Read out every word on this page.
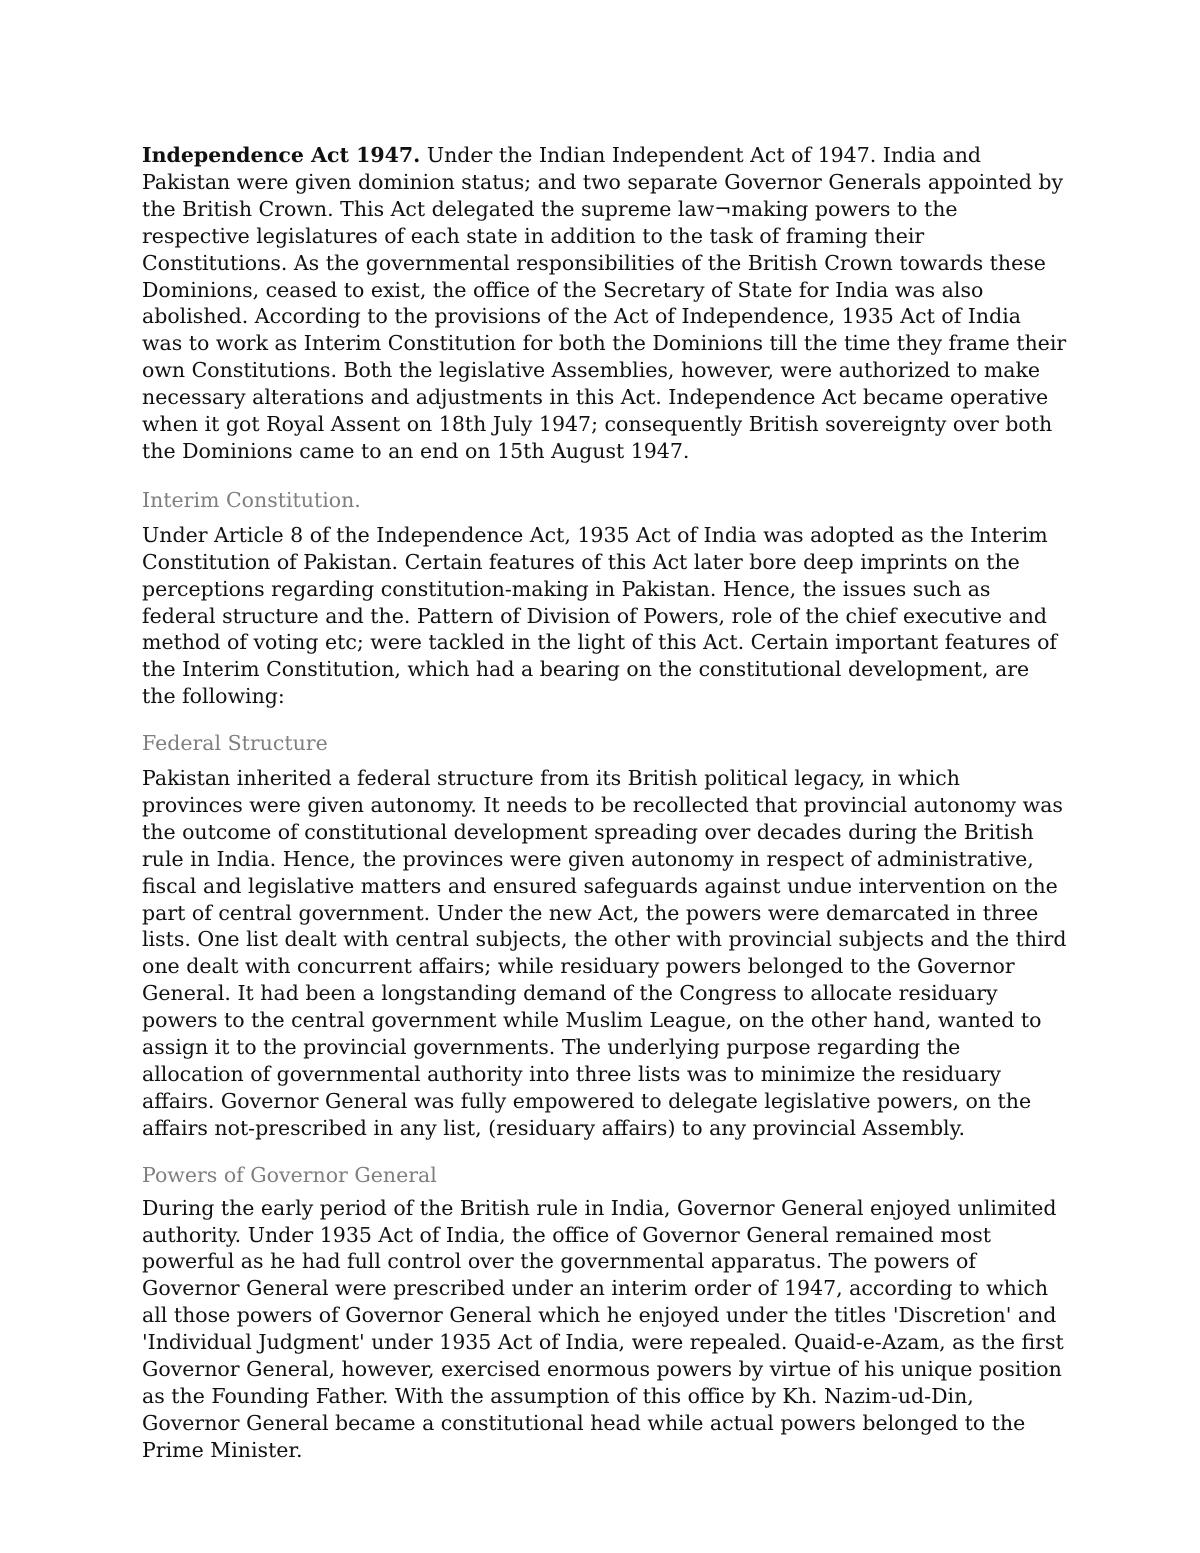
Independence Act 1947. Under the Indian Independent Act of 1947. India and Pakistan were given dominion status; and two separate Governor Generals appointed by the British Crown. This Act delegated the supreme law¬making powers to the respective legislatures of each state in addition to the task of framing their Constitutions. As the governmental responsibilities of the British Crown towards these Dominions, ceased to exist, the office of the Secretary of State for India was also abolished. According to the provisions of the Act of Independence, 1935 Act of India was to work as Interim Constitution for both the Dominions till the time they frame their own Constitutions. Both the legislative Assemblies, however, were authorized to make necessary alterations and adjustments in this Act. Independence Act became operative when it got Royal Assent on 18th July 1947; consequently British sovereignty over both the Dominions came to an end on 15th August 1947.

Interim Constitution.

Under Article 8 of the Independence Act, 1935 Act of India was adopted as the Interim Constitution of Pakistan. Certain features of this Act later bore deep imprints on the perceptions regarding constitution-making in Pakistan. Hence, the issues such as federal structure and the. Pattern of Division of Powers, role of the chief executive and method of voting etc; were tackled in the light of this Act. Certain important features of the Interim Constitution, which had a bearing on the constitutional development, are the following:

Federal Structure

Pakistan inherited a federal structure from its British political legacy, in which provinces were given autonomy. It needs to be recollected that provincial autonomy was the outcome of constitutional development spreading over decades during the British rule in India. Hence, the provinces were given autonomy in respect of administrative, fiscal and legislative matters and ensured safeguards against undue intervention on the part of central government. Under the new Act, the powers were demarcated in three lists. One list dealt with central subjects, the other with provincial subjects and the third one dealt with concurrent affairs; while residuary powers belonged to the Governor General. It had been a longstanding demand of the Congress to allocate residuary powers to the central government while Muslim League, on the other hand, wanted to assign it to the provincial governments. The underlying purpose regarding the allocation of governmental authority into three lists was to minimize the residuary affairs. Governor General was fully empowered to delegate legislative powers, on the affairs not-prescribed in any list, (residuary affairs) to any provincial Assembly.

Powers of Governor General

During the early period of the British rule in India, Governor General enjoyed unlimited authority. Under 1935 Act of India, the office of Governor General remained most powerful as he had full control over the governmental apparatus. The powers of Governor General were prescribed under an interim order of 1947, according to which all those powers of Governor General which he enjoyed under the titles 'Discretion' and 'Individual Judgment' under 1935 Act of India, were repealed. Quaid-e-Azam, as the first Governor General, however, exercised enormous powers by virtue of his unique position as the Founding Father. With the assumption of this office by Kh. Nazim-ud-Din, Governor General became a constitutional head while actual powers belonged to the Prime Minister.
